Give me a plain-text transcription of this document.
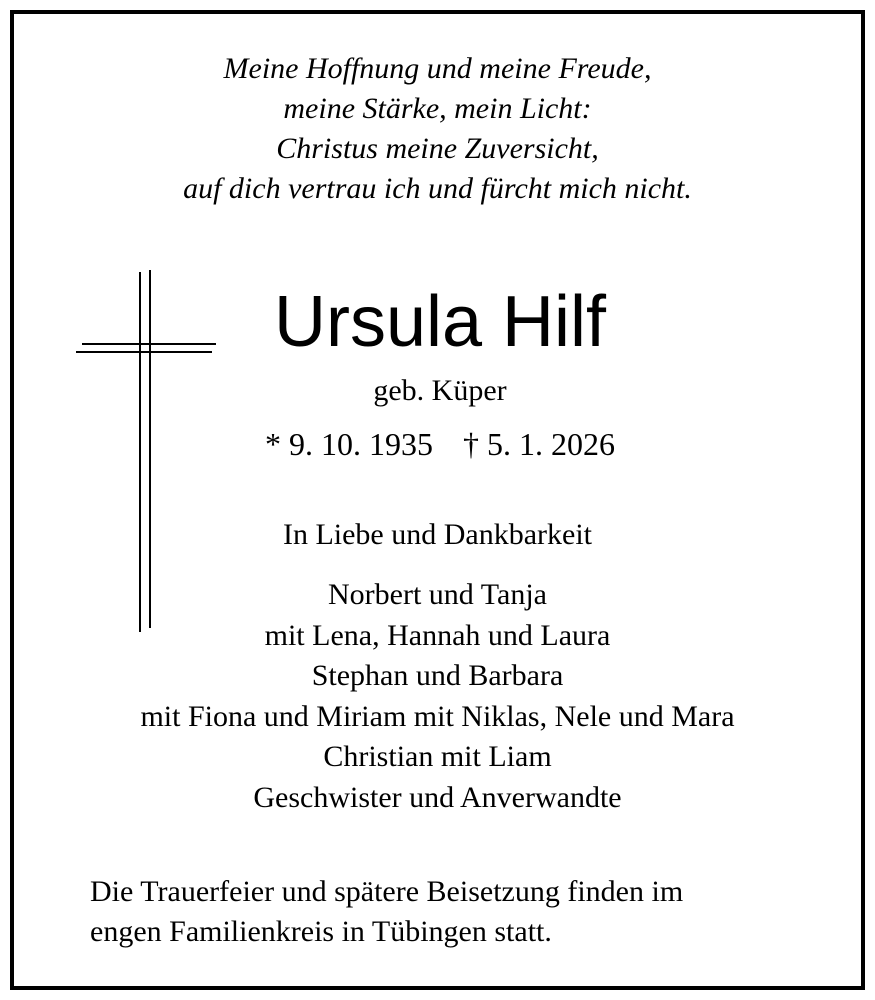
Meine Hoffnung und meine Freude,
meine Stärke, mein Licht:
Christus meine Zuversicht,
auf dich vertrau ich und fürcht mich nicht.
Ursula Hilf
geb. Küper
* 9. 10. 1935 † 5. 1. 2026
In Liebe und Dankbarkeit
Norbert und Tanja
mit Lena, Hannah und Laura
Stephan und Barbara
mit Fiona und Miriam mit Niklas, Nele und Mara
Christian mit Liam
Geschwister und Anverwandte
Die Trauerfeier und spätere Beisetzung finden im
engen Familienkreis in Tübingen statt.
